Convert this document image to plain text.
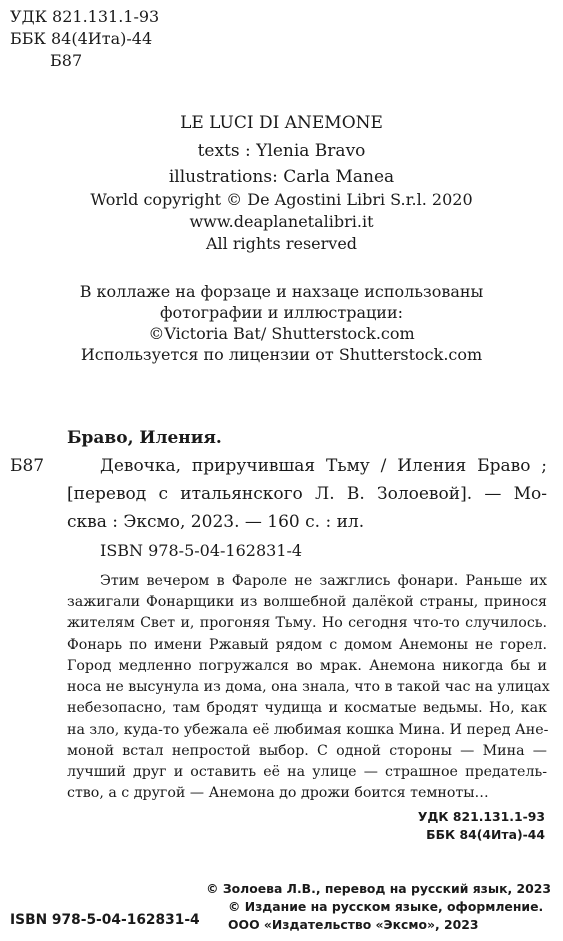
УДК 821.131.1-93
ББК 84(4Ита)-44
Б87
LE LUCI DI ANEMONE
texts : Ylenia Bravo
illustrations: Carla Manea
World copyright © De Agostini Libri S.r.l. 2020
www.deaplanetalibri.it
All rights reserved
В коллаже на форзаце и нахзаце использованы
фотографии и иллюстрации:
©Victoria Bat/ Shutterstock.com
Используется по лицензии от Shutterstock.com
Браво, Иления.
Б87	Девочка, приручившая Тьму / Иления Браво ;
[перевод с итальянского Л. В. Золоевой]. — Мо-
сква : Эксмо, 2023. — 160 с. : ил.
ISBN 978-5-04-162831-4
Этим вечером в Фароле не зажглись фонари. Раньше их
зажигали Фонарщики из волшебной далёкой страны, принося
жителям Свет и, прогоняя Тьму. Но сегодня что-то случилось.
Фонарь по имени Ржавый рядом с домом Анемоны не горел.
Город медленно погружался во мрак. Анемона никогда бы и
носа не высунула из дома, она знала, что в такой час на улицах
небезопасно, там бродят чудища и косматые ведьмы. Но, как
на зло, куда-то убежала её любимая кошка Мина. И перед Ане-
моной встал непростой выбор. С одной стороны — Мина —
лучший друг и оставить её на улице — страшное предатель-
ство, а с другой — Анемона до дрожи боится темноты…
УДК 821.131.1-93
ББК 84(4Ита)-44
© Золоева Л.В., перевод на русский язык, 2023
© Издание на русском языке, оформление.
ООО «Издательство «Эксмо», 2023
ISBN 978-5-04-162831-4
